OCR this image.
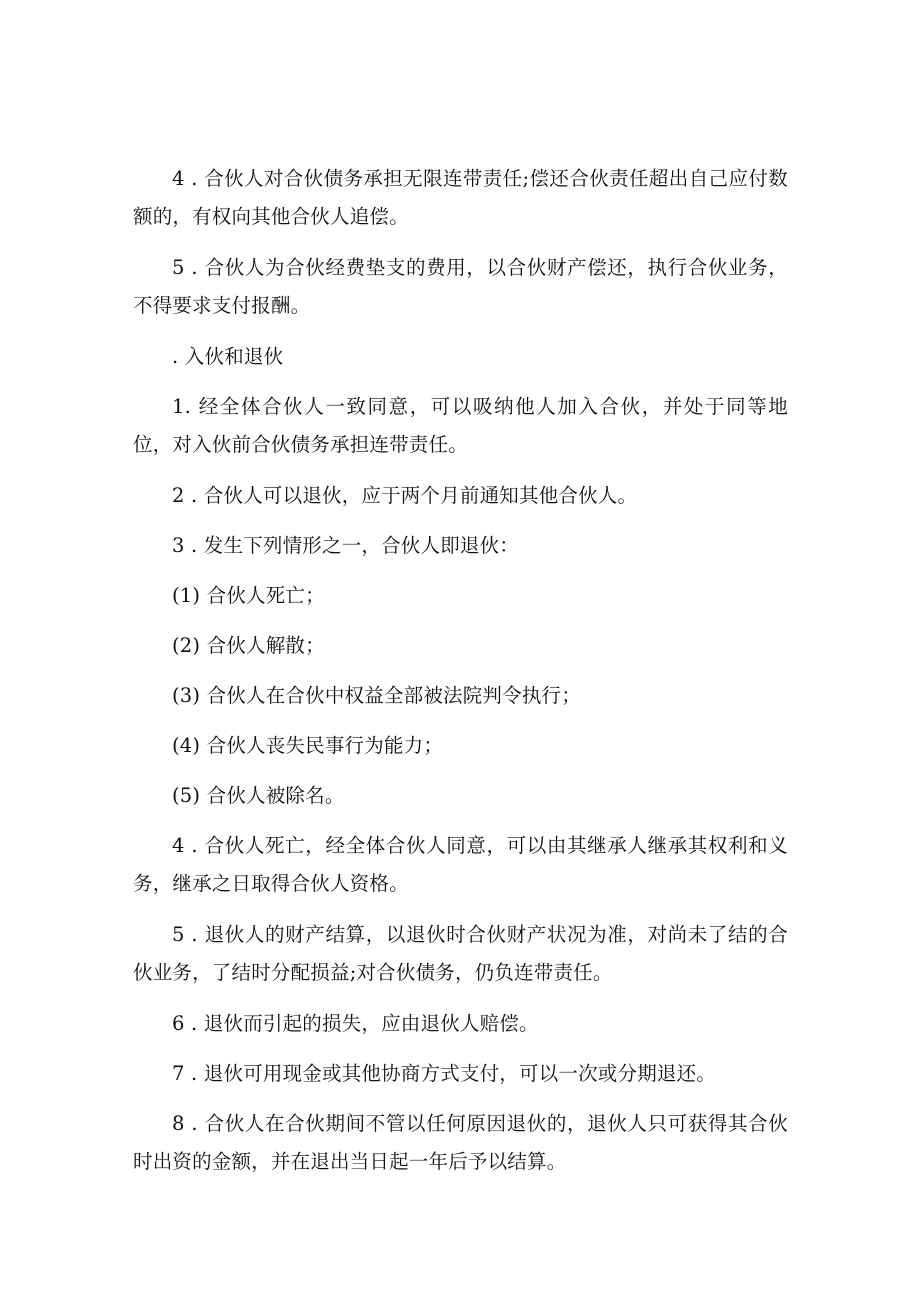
4 . 合伙人对合伙债务承担无限连带责任;偿还合伙责任超出自己应付数额的，有权向其他合伙人追偿。

5 . 合伙人为合伙经费垫支的费用，以合伙财产偿还，执行合伙业务，不得要求支付报酬。

. 入伙和退伙

1. 经全体合伙人一致同意，可以吸纳他人加入合伙，并处于同等地位，对入伙前合伙债务承担连带责任。

2 . 合伙人可以退伙，应于两个月前通知其他合伙人。

3 . 发生下列情形之一，合伙人即退伙：

(1) 合伙人死亡；

(2) 合伙人解散；

(3) 合伙人在合伙中权益全部被法院判令执行；

(4) 合伙人丧失民事行为能力；

(5) 合伙人被除名。

4 . 合伙人死亡，经全体合伙人同意，可以由其继承人继承其权利和义务，继承之日取得合伙人资格。

5 . 退伙人的财产结算，以退伙时合伙财产状况为准，对尚未了结的合伙业务，了结时分配损益;对合伙债务，仍负连带责任。

6 . 退伙而引起的损失，应由退伙人赔偿。

7 . 退伙可用现金或其他协商方式支付，可以一次或分期退还。

8 . 合伙人在合伙期间不管以任何原因退伙的，退伙人只可获得其合伙时出资的金额，并在退出当日起一年后予以结算。
